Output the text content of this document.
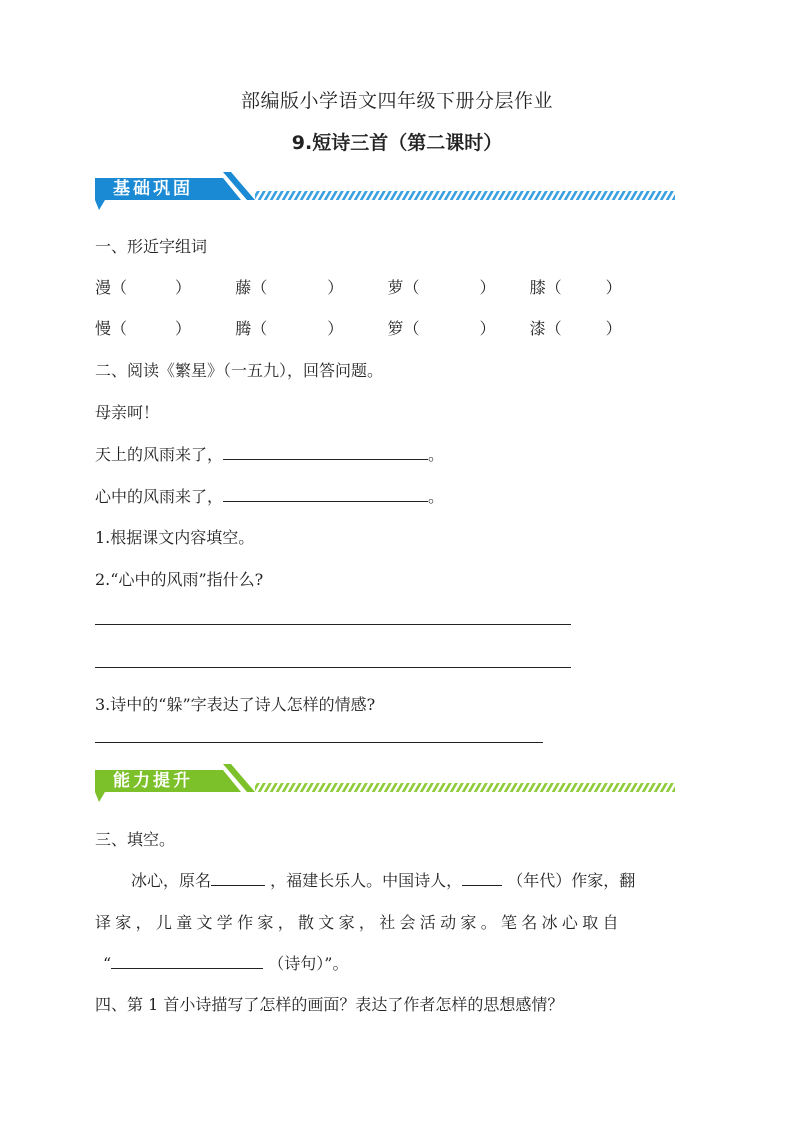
部编版小学语文四年级下册分层作业
9.短诗三首（第二课时）
基础巩固
一、形近字组词
漫（	）	藤（	）	萝（	） 膝（	）
慢（	）	腾（	）	箩（	） 漆（	）
二、阅读《繁星》（一五九），回答问题。
母亲呵！
天上的风雨来了，	。
心中的风雨来了，	。
1.根据课文内容填空。
2.“心中的风雨”指什么?
3.诗中的“躲”字表达了诗人怎样的情感?
能力提升
三、填空。
冰心，原名	，福建长乐人。中国诗人，	（年代）作家，翻
译家，儿童文学作家，散文家，社会活动家。笔名冰心取自
“	（诗句）”。
四、第 1 首小诗描写了怎样的画面？表达了作者怎样的思想感情？
